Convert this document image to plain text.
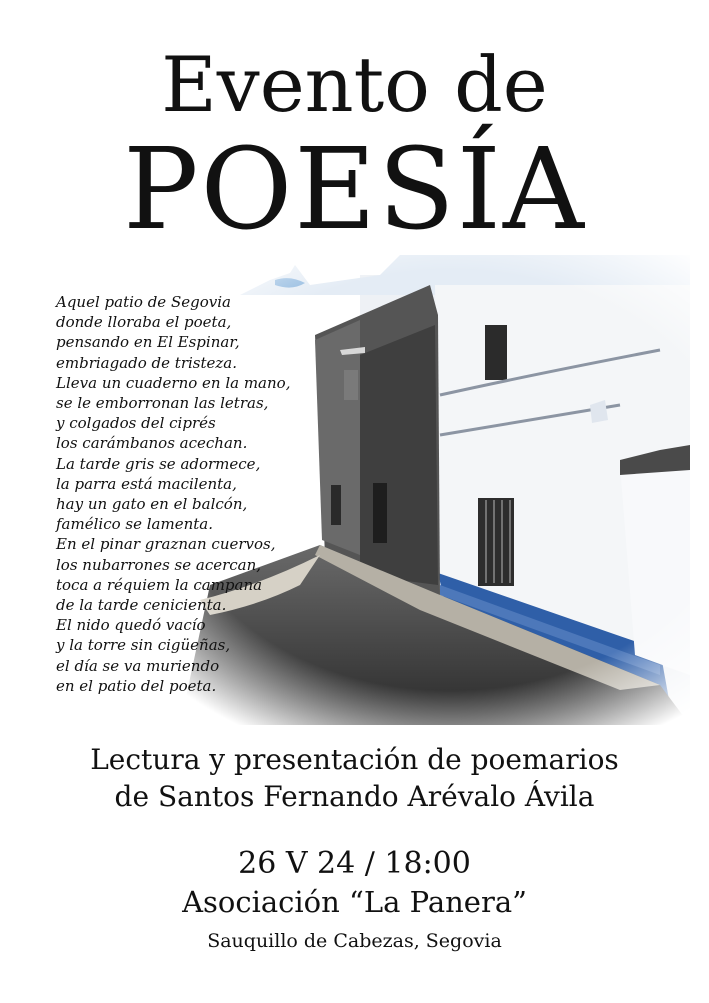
Evento de
POESÍA
Aquel patio de Segovia
donde lloraba el poeta,
pensando en El Espinar,
embriagado de tristeza.
Lleva un cuaderno en la mano,
se le emborronan las letras,
y colgados del ciprés
los carámbanos acechan.
La tarde gris se adormece,
la parra está macilenta,
hay un gato en el balcón,
famélico se lamenta.
En el pinar graznan cuervos,
los nubarrones se acercan,
toca a réquiem la campana
de la tarde cenicienta.
El nido quedó vacío
y la torre sin cigüeñas,
el día se va muriendo
en el patio del poeta.
Lectura y presentación de poemarios
de Santos Fernando Arévalo Ávila
26 V 24 / 18:00
Asociación “La Panera”
Sauquillo de Cabezas, Segovia
